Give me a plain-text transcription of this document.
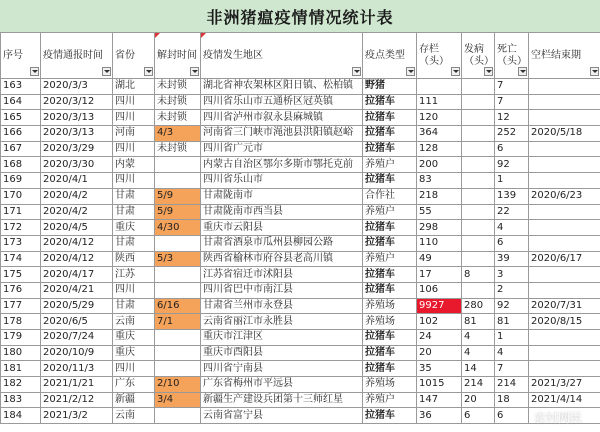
非洲猪瘟疫情情况统计表
序号	疫情通报时间	省份	解封时间	疫情发生地区	疫点类型	存栏（头）	发病（头）	死亡（头）	空栏结束期

163	2020/3/3	湖北	未封锁	湖北省神农架林区阳日镇、松柏镇	野猪			7	
164	2020/3/12	四川	未封锁	四川省乐山市五通桥区冠英镇	拉猪车	111		7	
165	2020/3/13	四川	未封锁	四川省泸州市叙永县麻城镇	拉猪车	120		12	
166	2020/3/13	河南	4/3	河南省三门峡市渑池县洪阳镇赵峪	拉猪车	364		252	2020/5/18
167	2020/3/29	四川	未封锁	四川省广元市	拉猪车	128		6	
168	2020/3/30	内蒙		内蒙古自治区鄂尔多斯市鄂托克前	养殖户	200		92	
169	2020/4/1	四川		四川省乐山市	拉猪车	83		1	
170	2020/4/2	甘肃	5/9	甘肃陇南市	合作社	218		139	2020/6/23
171	2020/4/2	甘肃	5/9	甘肃陇南市西当县	养殖户	55		22	
172	2020/4/5	重庆	4/30	重庆市云阳县	拉猪车	298		4	
173	2020/4/12	甘肃		甘肃省酒泉市瓜州县柳园公路	拉猪车	110		6	
174	2020/4/12	陕西	5/3	陕西省榆林市府谷县老高川镇	养殖户	49		39	2020/6/17
175	2020/4/17	江苏		江苏省宿迁市沭阳县	拉猪车	17	8	3	
176	2020/4/21	四川		四川省巴中市南江县	拉猪车	106		2	
177	2020/5/29	甘肃	6/16	甘肃省兰州市永登县	养殖场	9927	280	92	2020/7/31
178	2020/6/5	云南	7/1	云南省丽江市永胜县	养殖场	102	81	81	2020/8/15
179	2020/7/24	重庆		重庆市江津区	拉猪车	24	4	1	
180	2020/10/9	重庆		重庆市酉阳县	拉猪车	20	4	4	
181	2020/11/3	四川		四川省宁南县	拉猪车	35	14	7	
182	2021/1/21	广东	2/10	广东省梅州市平远县	养殖场	1015	214	214	2021/3/27
183	2021/2/12	新疆	3/4	新疆生产建设兵团第十三师红星	养殖户	147	20	18	2021/4/14
184	2021/3/2	云南		云南省富宁县	拉猪车	36	6	6		农村网民
